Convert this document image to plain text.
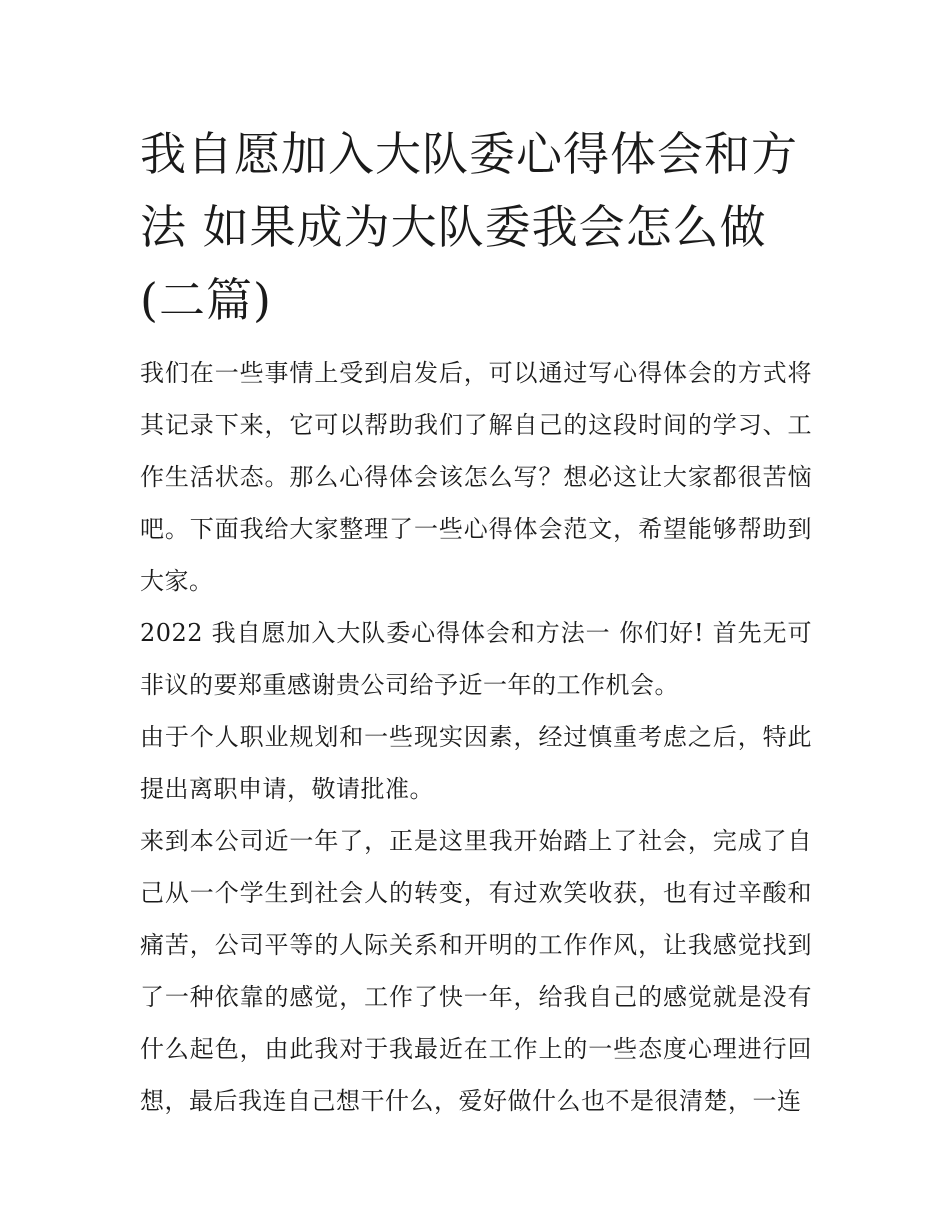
我自愿加入大队委心得体会和方法 如果成为大队委我会怎么做(二篇)

我们在一些事情上受到启发后，可以通过写心得体会的方式将其记录下来，它可以帮助我们了解自己的这段时间的学习、工作生活状态。那么心得体会该怎么写？想必这让大家都很苦恼吧。下面我给大家整理了一些心得体会范文，希望能够帮助到大家。

2022 我自愿加入大队委心得体会和方法一 你们好! 首先无可非议的要郑重感谢贵公司给予近一年的工作机会。

由于个人职业规划和一些现实因素，经过慎重考虑之后，特此提出离职申请，敬请批准。

来到本公司近一年了，正是这里我开始踏上了社会，完成了自己从一个学生到社会人的转变，有过欢笑收获，也有过辛酸和痛苦，公司平等的人际关系和开明的工作作风，让我感觉找到了一种依靠的感觉，工作了快一年，给我自己的感觉就是没有什么起色，由此我对于我最近在工作上的一些态度心理进行回想，最后我连自己想干什么，爱好做什么也不是很清楚，一连
